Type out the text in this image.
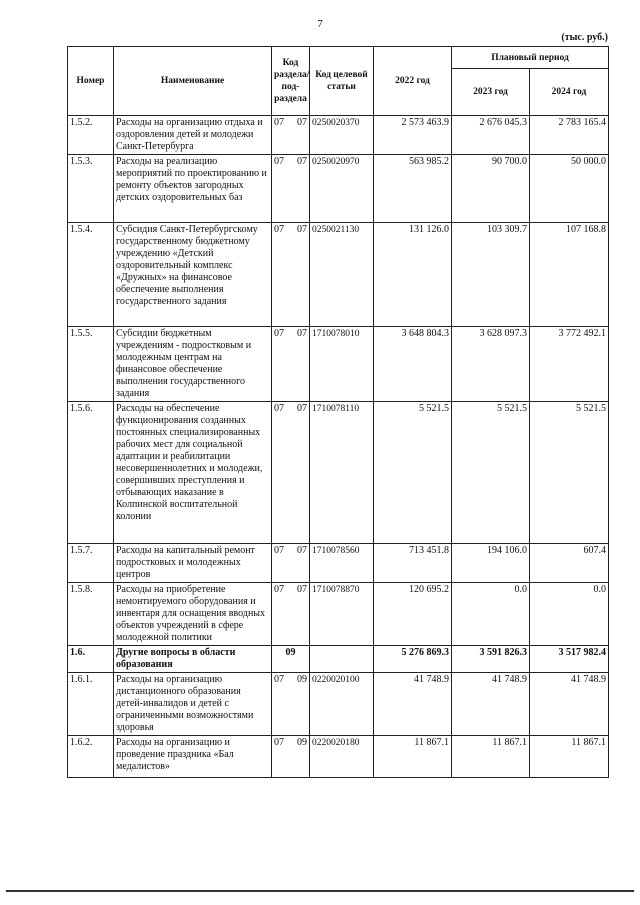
7
(тыс. руб.)
Номер	Наименование	Код раздела/ под-раздела	Код целевой статьи	2022 год	Плановый период	
					2023 год	2024 год
1.5.2.	Расходы на организацию отдыха и оздоровления детей и молодежи Санкт-Петербурга	07 07	0250020370	2 573 463.9	2 676 045.3	2 783 165.4
1.5.3.	Расходы на реализацию мероприятий по проектированию и ремонту объектов загородных детских оздоровительных баз	07 07	0250020970	563 985.2	90 700.0	50 000.0
1.5.4.	Субсидия Санкт-Петербургскому государственному бюджетному учреждению «Детский оздоровительный комплекс «Дружных» на финансовое обеспечение выполнения государственного задания	07 07	0250021130	131 126.0	103 309.7	107 168.8
1.5.5.	Субсидии бюджетным учреждениям - подростковым и молодежным центрам на финансовое обеспечение выполнения государственного задания	07 07	1710078010	3 648 804.3	3 628 097.3	3 772 492.1
1.5.6.	Расходы на обеспечение функционирования созданных постоянных специализированных рабочих мест для социальной адаптации и реабилитации несовершеннолетних и молодежи, совершивших преступления и отбывающих наказание в Колпинской воспитательной колонии	07 07	1710078110	5 521.5	5 521.5	5 521.5
1.5.7.	Расходы на капитальный ремонт подростковых и молодежных центров	07 07	1710078560	713 451.8	194 106.0	607.4
1.5.8.	Расходы на приобретение немонтируемого оборудования и инвентаря для оснащения вводных объектов учреждений в сфере молодежной политики	07 07	1710078870	120 695.2	0.0	0.0
1.6.	Другие вопросы в области образования	09		5 276 869.3	3 591 826.3	3 517 982.4
1.6.1.	Расходы на организацию дистанционного образования детей-инвалидов и детей с ограниченными возможностями здоровья	07 09	0220020100	41 748.9	41 748.9	41 748.9
1.6.2.	Расходы на организацию и проведение праздника «Бал медалистов»	07 09	0220020180	11 867.1	11 867.1	11 867.1
